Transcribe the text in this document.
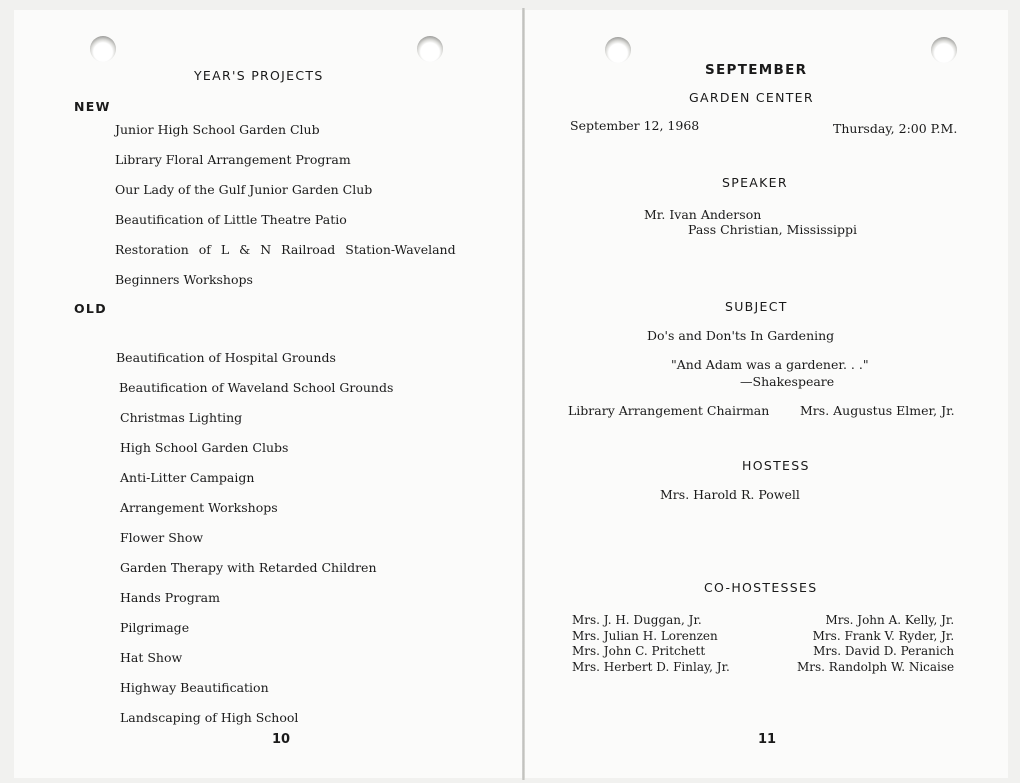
YEAR'S PROJECTS
NEW
Junior High School Garden Club
Library Floral Arrangement Program
Our Lady of the Gulf Junior Garden Club
Beautification of Little Theatre Patio
Restoration of L & N Railroad Station-Waveland
Beginners Workshops
OLD
Beautification of Hospital Grounds
Beautification of Waveland School Grounds
Christmas Lighting
High School Garden Clubs
Anti-Litter Campaign
Arrangement Workshops
Flower Show
Garden Therapy with Retarded Children
Hands Program
Pilgrimage
Hat Show
Highway Beautification
Landscaping of High School
10
SEPTEMBER
GARDEN CENTER
September 12, 1968	Thursday, 2:00 P.M.
SPEAKER
Mr. Ivan Anderson
Pass Christian, Mississippi
SUBJECT
Do's and Don'ts In Gardening
"And Adam was a gardener. . ."
—Shakespeare
Library Arrangement Chairman Mrs. Augustus Elmer, Jr.
HOSTESS
Mrs. Harold R. Powell
CO-HOSTESSES
Mrs. J. H. Duggan, Jr.
Mrs. Julian H. Lorenzen
Mrs. John C. Pritchett
Mrs. Herbert D. Finlay, Jr.
Mrs. John A. Kelly, Jr.
Mrs. Frank V. Ryder, Jr.
Mrs. David D. Peranich
Mrs. Randolph W. Nicaise
11
